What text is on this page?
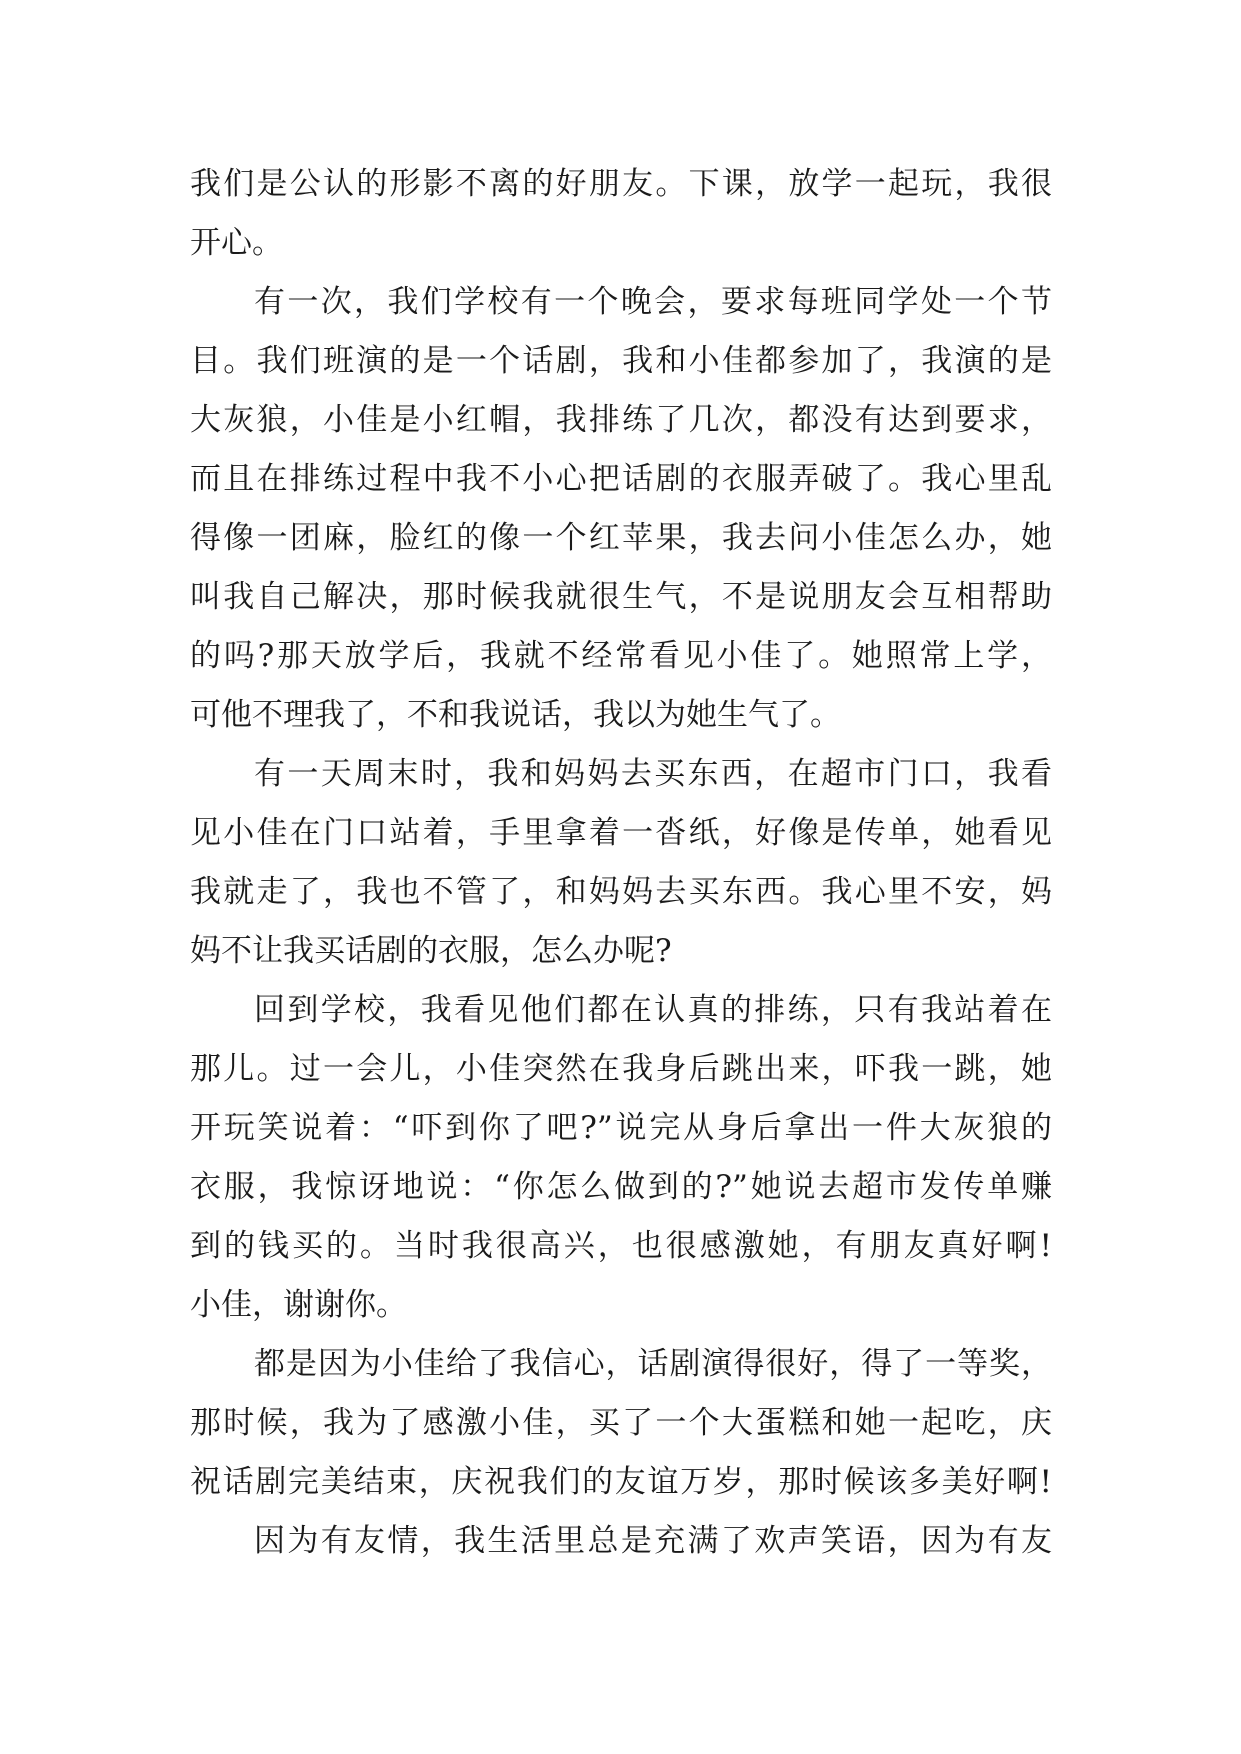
我们是公认的形影不离的好朋友。下课，放学一起玩，我很
开心。
有一次，我们学校有一个晚会，要求每班同学处一个节
目。我们班演的是一个话剧，我和小佳都参加了，我演的是
大灰狼，小佳是小红帽，我排练了几次，都没有达到要求，
而且在排练过程中我不小心把话剧的衣服弄破了。我心里乱
得像一团麻，脸红的像一个红苹果，我去问小佳怎么办，她
叫我自己解决，那时候我就很生气，不是说朋友会互相帮助
的吗?那天放学后，我就不经常看见小佳了。她照常上学，
可他不理我了，不和我说话，我以为她生气了。
有一天周末时，我和妈妈去买东西，在超市门口，我看
见小佳在门口站着，手里拿着一沓纸，好像是传单，她看见
我就走了，我也不管了，和妈妈去买东西。我心里不安，妈
妈不让我买话剧的衣服，怎么办呢?
回到学校，我看见他们都在认真的排练，只有我站着在
那儿。过一会儿，小佳突然在我身后跳出来，吓我一跳，她
开玩笑说着：“吓到你了吧?”说完从身后拿出一件大灰狼的
衣服，我惊讶地说：“你怎么做到的?”她说去超市发传单赚
到的钱买的。当时我很高兴，也很感激她，有朋友真好啊!
小佳，谢谢你。
都是因为小佳给了我信心，话剧演得很好，得了一等奖，
那时候，我为了感激小佳，买了一个大蛋糕和她一起吃，庆
祝话剧完美结束，庆祝我们的友谊万岁，那时候该多美好啊!
因为有友情，我生活里总是充满了欢声笑语，因为有友
